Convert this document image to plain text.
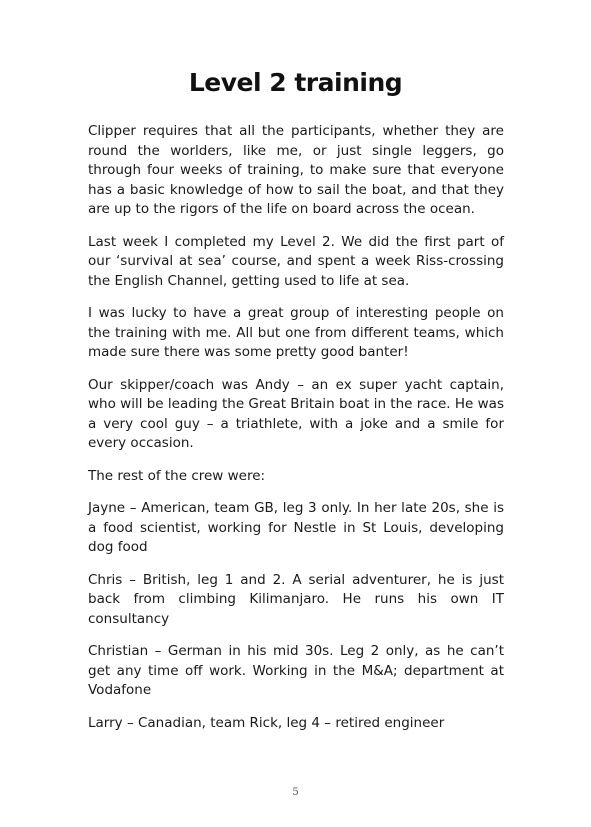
Level 2 training

Clipper requires that all the participants, whether they are round the worlders, like me, or just single leggers, go through four weeks of training, to make sure that everyone has a basic knowledge of how to sail the boat, and that they are up to the rigors of the life on board across the ocean.

Last week I completed my Level 2. We did the first part of our ‘survival at sea’ course, and spent a week Riss-crossing the English Channel, getting used to life at sea.

I was lucky to have a great group of interesting people on the training with me. All but one from different teams, which made sure there was some pretty good banter!

Our skipper/coach was Andy – an ex super yacht captain, who will be leading the Great Britain boat in the race. He was a very cool guy – a triathlete, with a joke and a smile for every occasion.

The rest of the crew were:

Jayne – American, team GB, leg 3 only. In her late 20s, she is a food scientist, working for Nestle in St Louis, developing dog food

Chris – British, leg 1 and 2. A serial adventurer, he is just back from climbing Kilimanjaro. He runs his own IT consultancy

Christian – German in his mid 30s. Leg 2 only, as he can’t get any time off work. Working in the M&A; department at Vodafone

Larry – Canadian, team Rick, leg 4 – retired engineer

5
